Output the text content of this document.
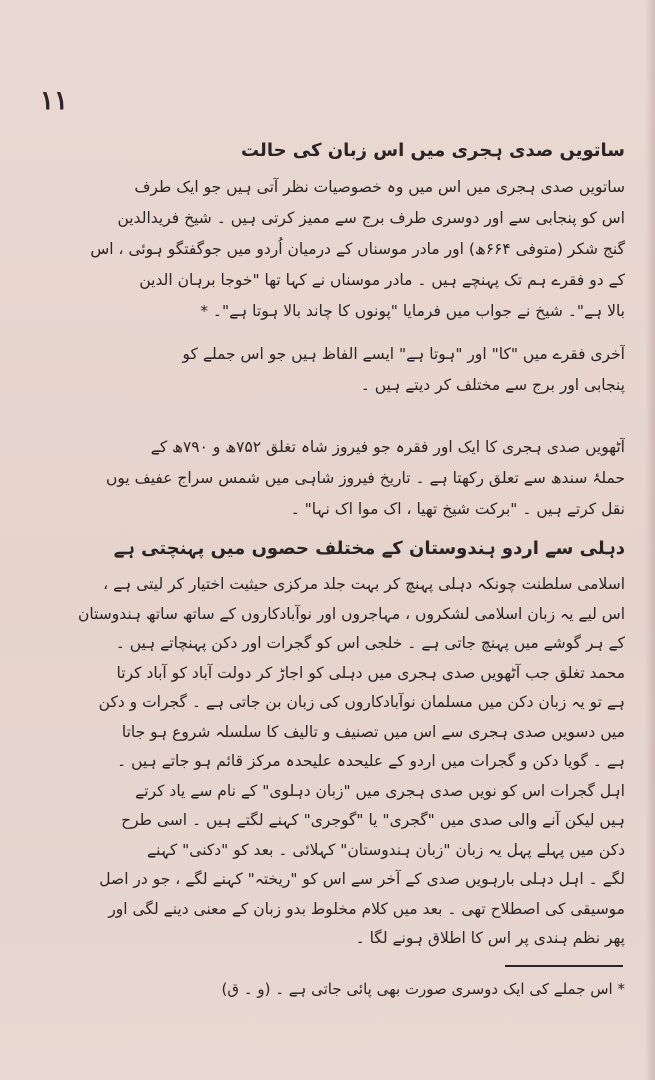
۱۱
ساتویں صدی ہجری میں اس زبان کی حالت
ساتویں صدی ہجری میں اس میں وہ خصوصیات نظر آتی ہیں جو ایک طرف
اس کو پنجابی سے اور دوسری طرف برج سے ممیز کرتی ہیں ۔ شیخ فریدالدین
گنج شکر (متوفی ۶۶۴ھ) اور مادر موسناں کے درمیان اُردو میں جوگفتگو ہوئی ، اس
کے دو فقرے ہم تک پہنچے ہیں ۔ مادر موسناں نے کہا تھا "خوجا برہان الدین
بالا ہے"۔ شیخ نے جواب میں فرمایا "پونوں کا چاند بالا ہوتا ہے"۔ *
آخری فقرے میں "کا" اور "ہوتا ہے" ایسے الفاظ ہیں جو اس جملے کو
پنجابی اور برج سے مختلف کر دیتے ہیں ۔
آٹھویں صدی ہجری کا ایک اور فقرہ جو فیروز شاہ تغلق ۷۵۲ھ و ۷۹۰ھ کے
حملۂ سندھ سے تعلق رکھتا ہے ۔ تاریخ فیروز شاہی میں شمس سراج عفیف یوں
نقل کرتے ہیں ۔ "برکت شیخ تھیا ، اک موا اک نہا" ۔
دہلی سے اردو ہندوستان کے مختلف حصوں میں پہنچتی ہے
اسلامی سلطنت چونکہ دہلی پہنچ کر بہت جلد مرکزی حیثیت اختیار کر لیتی ہے ،
اس لیے یہ زبان اسلامی لشکروں ، مہاجروں اور نوآبادکاروں کے ساتھ ساتھ ہندوستان
کے ہر گوشے میں پہنچ جاتی ہے ۔ خلجی اس کو گجرات اور دکن پہنچاتے ہیں ۔
محمد تغلق جب آٹھویں صدی ہجری میں دہلی کو اجاڑ کر دولت آباد کو آباد کرتا
ہے تو یہ زبان دکن میں مسلمان نوآبادکاروں کی زبان بن جاتی ہے ۔ گجرات و دکن
میں دسویں صدی ہجری سے اس میں تصنیف و تالیف کا سلسلہ شروع ہو جاتا
ہے ۔ گویا دکن و گجرات میں اردو کے علیحدہ علیحدہ مرکز قائم ہو جاتے ہیں ۔
اہل گجرات اس کو نویں صدی ہجری میں "زبان دہلوی" کے نام سے یاد کرتے
ہیں لیکن آنے والی صدی میں "گجری" یا "گوجری" کہنے لگتے ہیں ۔ اسی طرح
دکن میں پہلے پہل یہ زبان "زبان ہندوستان" کہلائی ۔ بعد کو "دکنی" کہنے
لگے ۔ اہل دہلی بارہویں صدی کے آخر سے اس کو "ریختہ" کہنے لگے ، جو در اصل
موسیقی کی اصطلاح تھی ۔ بعد میں کلام مخلوط بدو زبان کے معنی دینے لگی اور
پھر نظم ہندی پر اس کا اطلاق ہونے لگا ۔
* اس جملے کی ایک دوسری صورت بھی پائی جاتی ہے ۔ (و ۔ ق)
